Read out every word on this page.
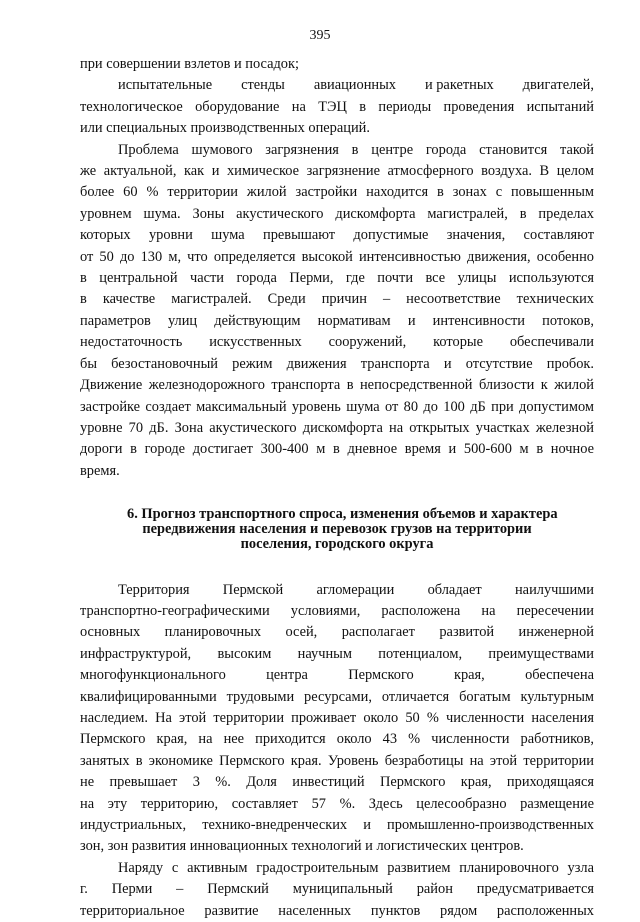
395
при совершении взлетов и посадок;
испытательные стенды авиационных и ракетных двигателей,
технологическое оборудование на ТЭЦ в периоды проведения испытаний
или специальных производственных операций.
Проблема шумового загрязнения в центре города становится такой
же актуальной, как и химическое загрязнение атмосферного воздуха. В целом
более 60 % территории жилой застройки находится в зонах с повышенным
уровнем шума. Зоны акустического дискомфорта магистралей, в пределах
которых уровни шума превышают допустимые значения, составляют
от 50 до 130 м, что определяется высокой интенсивностью движения, особенно
в центральной части города Перми, где почти все улицы используются
в качестве магистралей. Среди причин – несоответствие технических
параметров улиц действующим нормативам и интенсивности потоков,
недостаточность искусственных сооружений, которые обеспечивали
бы безостановочный режим движения транспорта и отсутствие пробок.
Движение железнодорожного транспорта в непосредственной близости к жилой
застройке создает максимальный уровень шума от 80 до 100 дБ при допустимом
уровне 70 дБ. Зона акустического дискомфорта на открытых участках железной
дороги в городе достигает 300-400 м в дневное время и 500-600 м в ночное
время.
6. Прогноз транспортного спроса, изменения объемов и характера
передвижения населения и перевозок грузов на территории
поселения, городского округа
Территория Пермской агломерации обладает наилучшими
транспортно-географическими условиями, расположена на пересечении
основных планировочных осей, располагает развитой инженерной
инфраструктурой, высоким научным потенциалом, преимуществами
многофункционального центра Пермского края, обеспечена
квалифицированными трудовыми ресурсами, отличается богатым культурным
наследием. На этой территории проживает около 50 % численности населения
Пермского края, на нее приходится около 43 % численности работников,
занятых в экономике Пермского края. Уровень безработицы на этой территории
не превышает 3 %. Доля инвестиций Пермского края, приходящаяся
на эту территорию, составляет 57 %. Здесь целесообразно размещение
индустриальных, технико-внедренческих и промышленно-производственных
зон, зон развития инновационных технологий и логистических центров.
Наряду с активным градостроительным развитием планировочного узла
г. Перми – Пермский муниципальный район предусматривается
территориальное развитие населенных пунктов рядом расположенных
